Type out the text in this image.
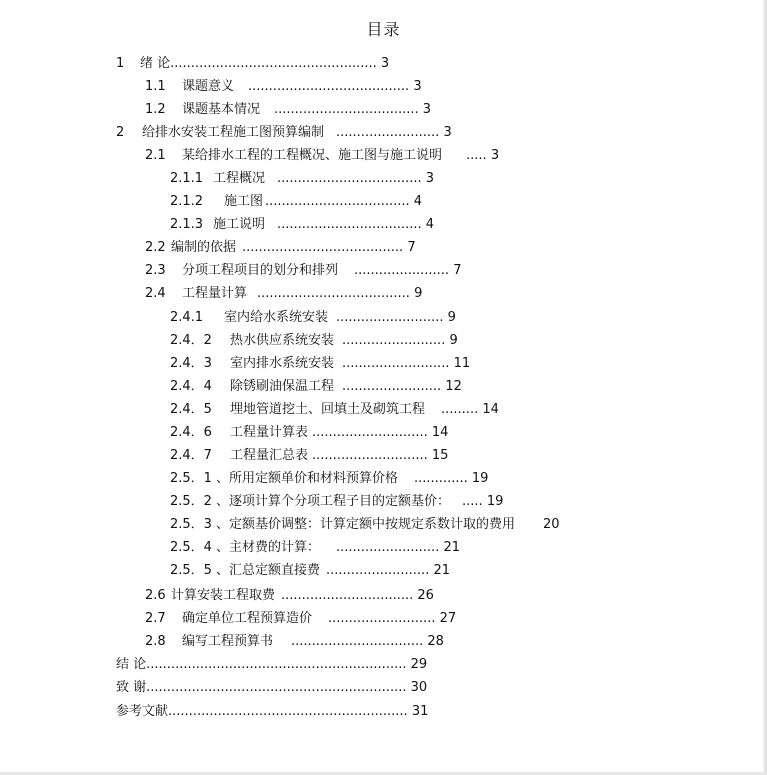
目录
1 绪 论.................................................. 3
1.1 课题意义 ....................................... 3
1.2 课题基本情况 ................................... 3
2 给排水安装工程施工图预算编制 ......................... 3
2.1 某给排水工程的工程概况、施工图与施工说明 ..... 3
2.1.1 工程概况 ................................... 3
2.1.2 施工图 ................................... 4
2.1.3 施工说明 ................................... 4
2.2 编制的依据 ....................................... 7
2.3 分项工程项目的划分和排列 ....................... 7
2.4 工程量计算 ..................................... 9
2.4.1 室内给水系统安装 .......................... 9
2.4．2 热水供应系统安装 ......................... 9
2.4．3 室内排水系统安装 .......................... 11
2.4．4 除锈刷油保温工程 ........................ 12
2.4．5 埋地管道挖土、回填土及砌筑工程 ......... 14
2.4．6 工程量计算表 ............................ 14
2.4．7 工程量汇总表 ............................ 15
2.5．1 、所用定额单价和材料预算价格 ............. 19
2.5．2 、逐项计算个分项工程子目的定额基价： ..... 19
2.5．3 、定额基价调整：计算定额中按规定系数计取的费用 20
2.5．4 、主材费的计算： ......................... 21
2.5．5 、汇总定额直接费 ......................... 21
2.6 计算安装工程取费 ................................ 26
2.7 确定单位工程预算造价 .......................... 27
2.8 编写工程预算书 ................................ 28
结 论............................................................... 29
致 谢............................................................... 30
参考文献.......................................................... 31
